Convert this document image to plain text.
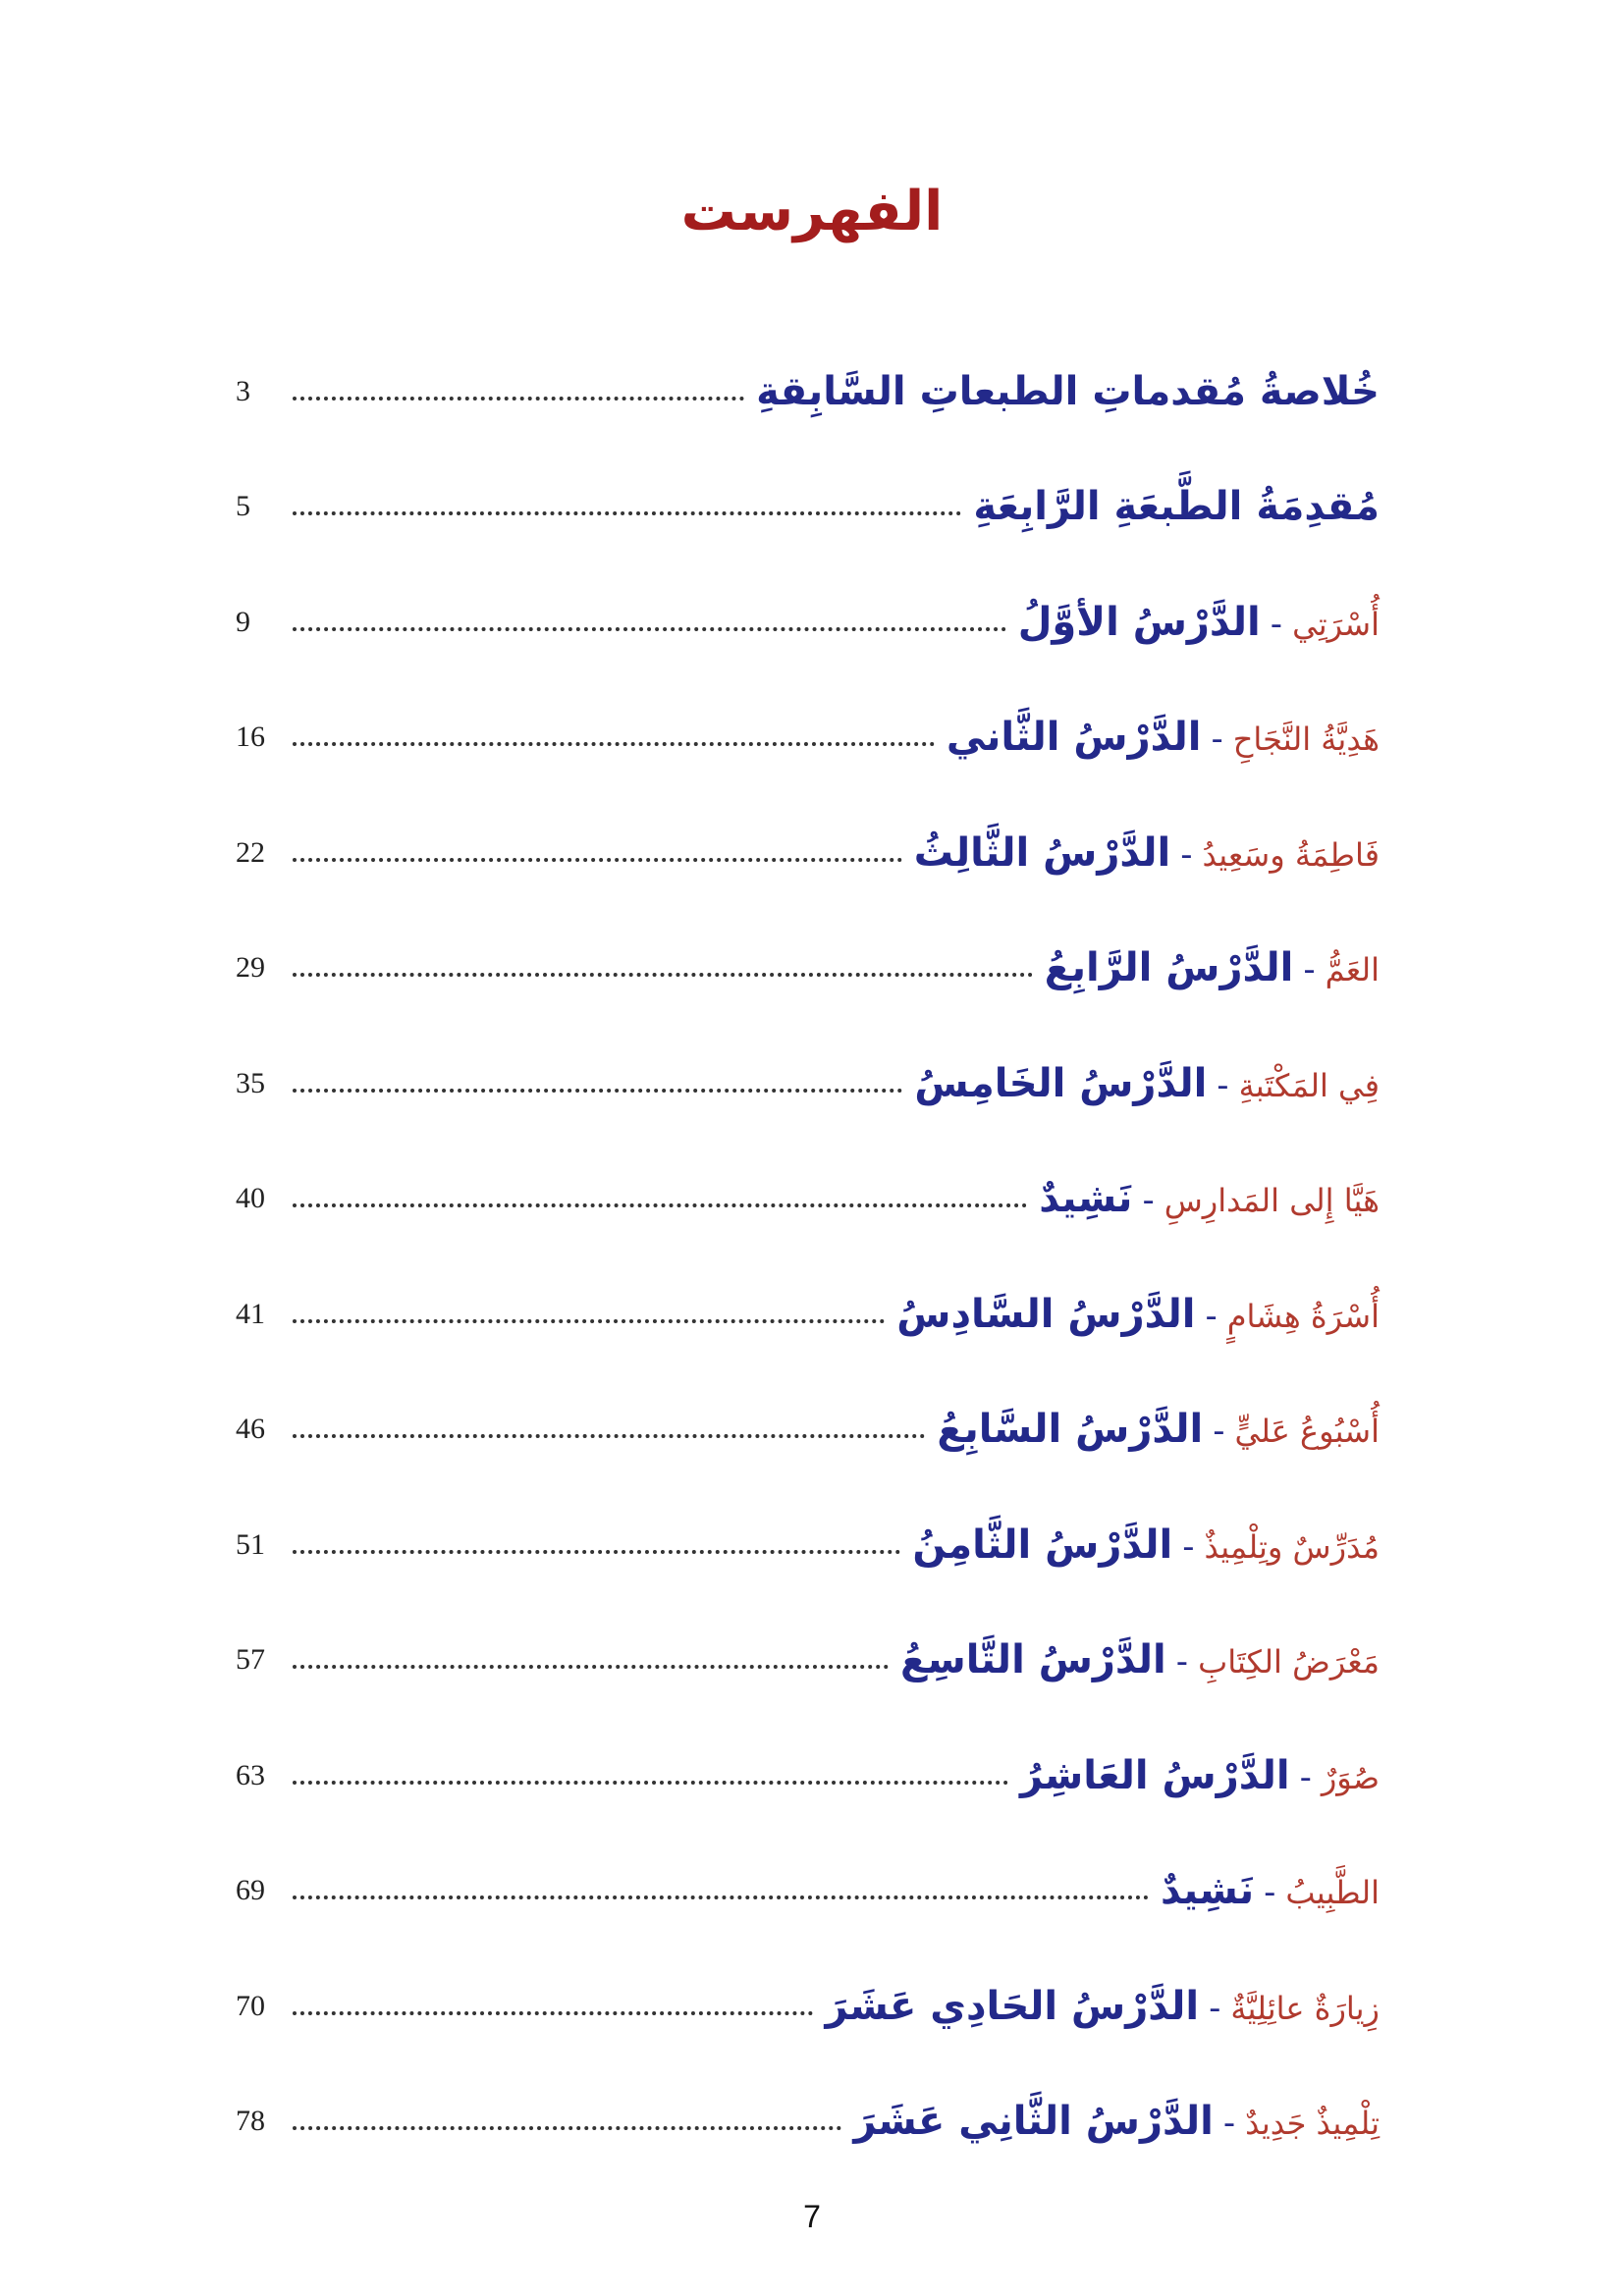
الفهرست
خُلاصةُ مُقدماتِ الطبعاتِ السَّابِقةِ
3
مُقدِمَةُ الطَّبعَةِ الرَّابِعَةِ
5
الدَّرْسُ الأوَّلُ - أُسْرَتِي
9
الدَّرْسُ الثَّاني - هَدِيَّةُ النَّجَاحِ
16
الدَّرْسُ الثَّالِثُ - فَاطِمَةُ وسَعِيدُ
22
الدَّرْسُ الرَّابِعُ - العَمُّ
29
الدَّرْسُ الخَامِسُ - فِي المَكْتَبةِ
35
نَشِيدٌ - هَيَّا إِلى المَدارِسِ
40
الدَّرْسُ السَّادِسُ - أُسْرَةُ هِشَامٍ
41
الدَّرْسُ السَّابِعُ - أُسْبُوعُ عَليٍّ
46
الدَّرْسُ الثَّامِنُ - مُدَرِّسٌ وتِلْمِيذٌ
51
الدَّرْسُ التَّاسِعُ - مَعْرَضُ الكِتَابِ
57
الدَّرْسُ العَاشِرُ - صُوَرٌ
63
نَشِيدٌ - الطَّبِيبُ
69
الدَّرْسُ الحَادِي عَشَرَ - زِيارَةٌ عائِلِيَّةٌ
70
الدَّرْسُ الثَّانِي عَشَرَ - تِلْمِيذٌ جَدِيدٌ
78
7
